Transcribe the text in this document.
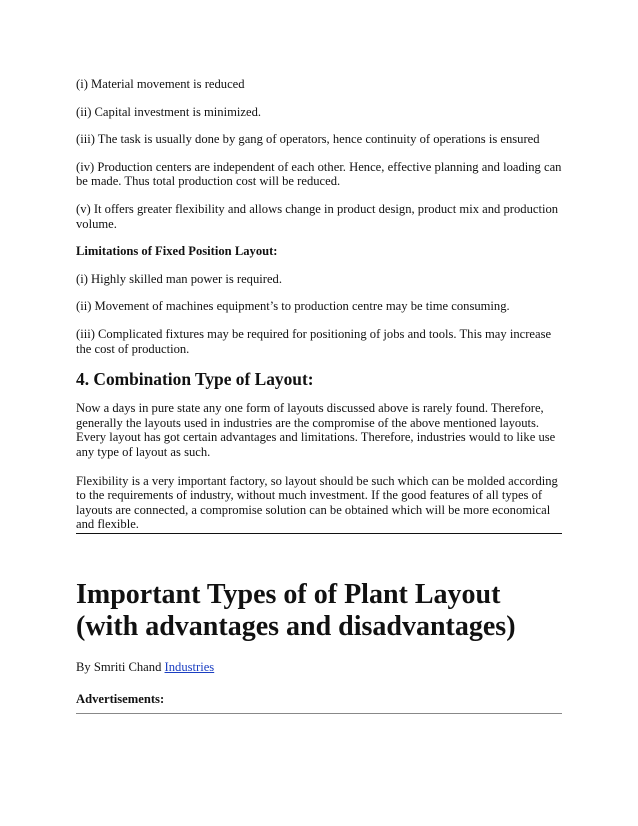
(i) Material movement is reduced

(ii) Capital investment is minimized.

(iii) The task is usually done by gang of operators, hence continuity of operations is ensured

(iv) Production centers are independent of each other. Hence, effective planning and loading can be made. Thus total production cost will be reduced.

(v) It offers greater flexibility and allows change in product design, product mix and production volume.

Limitations of Fixed Position Layout:

(i) Highly skilled man power is required.

(ii) Movement of machines equipment’s to production centre may be time consuming.

(iii) Complicated fixtures may be required for positioning of jobs and tools. This may increase the cost of production.

4. Combination Type of Layout:

Now a days in pure state any one form of layouts discussed above is rarely found. Therefore, generally the layouts used in industries are the compromise of the above mentioned layouts. Every layout has got certain advantages and limitations. Therefore, industries would to like use any type of layout as such.

Flexibility is a very important factory, so layout should be such which can be molded according to the requirements of industry, without much investment. If the good features of all types of layouts are connected, a compromise solution can be obtained which will be more economical and flexible.

Important Types of of Plant Layout (with advantages and disadvantages)

By Smriti Chand Industries

Advertisements:
